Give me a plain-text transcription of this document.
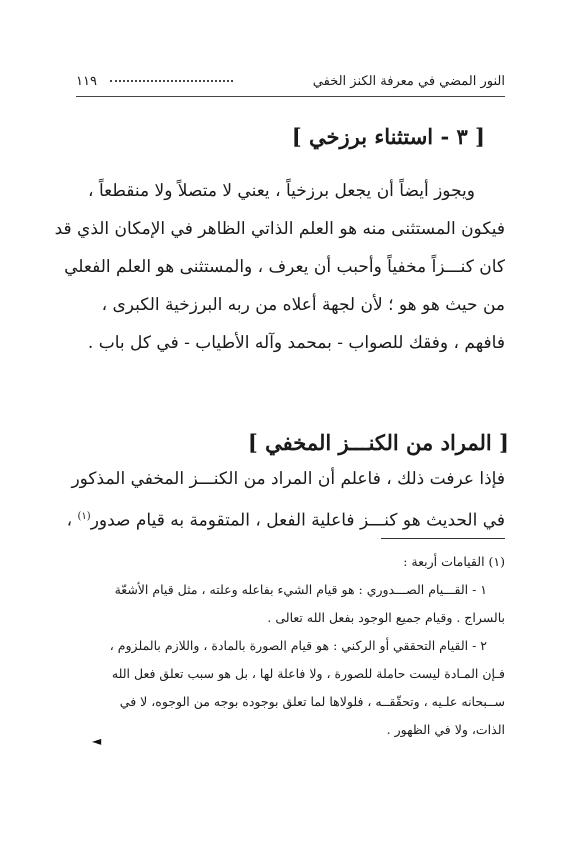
النور المضي في معرفة الكنز الخفي
١١٩
[ ٣ - استثناء برزخي ]
ويجوز أيضاً أن يجعل برزخياً ، يعني لا متصلاً ولا منقطعاً ،
فيكون المستثنى منه هو العلم الذاتي الظاهر في الإمكان الذي قد
كان كنـــزاً مخفياً وأحبب أن يعرف ، والمستثنى هو العلم الفعلي
من حيث هو هو ؛ لأن لجهة أعلاه من ربه البرزخية الكبرى ،
فافهم ، وفقك للصواب - بمحمد وآله الأطياب - في كل باب .
[ المراد من الكنـــز المخفي ]
فإذا عرفت ذلك ، فاعلم أن المراد من الكنـــز المخفي المذكور
في الحديث هو كنـــز فاعلية الفعل ، المتقومة به قيام صدور$^{(١)}$ ،
(١) القيامات أربعة :
١ - القـــيام الصـــدوري : هو قيام الشيء بفاعله وعلته ، مثل قيام الأشعّة
بالسراج . وقيام جميع الوجود بفعل الله تعالى .
٢ - القيام التحققي أو الركني : هو قيام الصورة بالمادة ، واللازم بالملزوم ،
فـإن المـادة ليست حاملة للصورة ، ولا فاعلة لها ، بل هو سبب تعلق فعل الله
ســبحانه علـيه ، وتحقّقــه ، فلولاها لما تعلق بوجوده بوجه من الوجوه، لا في
الذات، ولا في الظهور .
◄
